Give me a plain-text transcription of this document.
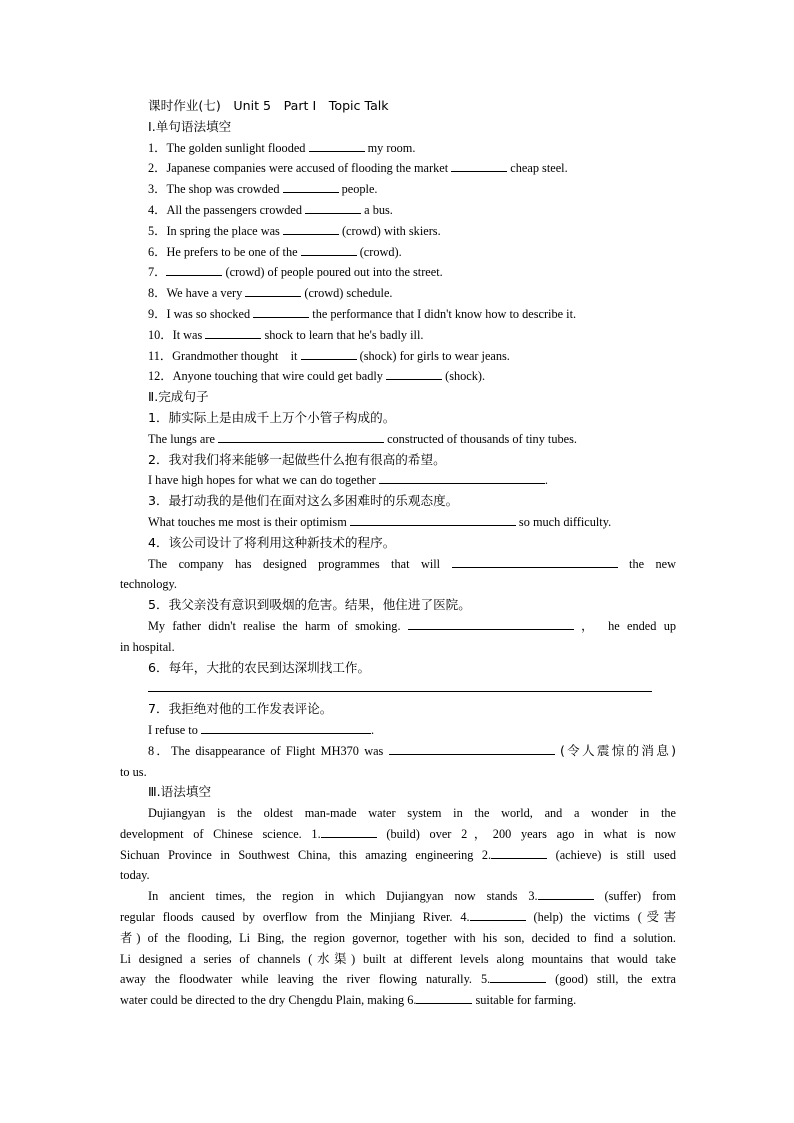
课时作业(七)　Unit 5　Part Ⅰ　Topic Talk
Ⅰ.单句语法填空
1．The golden sunlight flooded	my room.
2．Japanese companies were accused of flooding the market	cheap steel.
3．The shop was crowded	people.
4．All the passengers crowded	a bus.
5．In spring the place was	(crowd) with skiers.
6．He prefers to be one of the	(crowd).
7．	(crowd) of people poured out into the street.
8．We have a very	(crowd) schedule.
9．I was so shocked	the performance that I didn't know how to describe it.
10．It was	shock to learn that he's badly ill.
11．Grandmother thought　it	(shock) for girls to wear jeans.
12．Anyone touching that wire could get badly	(shock).
Ⅱ.完成句子
1．肺实际上是由成千上万个小管子构成的。
The lungs are	constructed of thousands of tiny tubes.
2．我对我们将来能够一起做些什么抱有很高的希望。
I have high hopes for what we can do together	.
3．最打动我的是他们在面对这么多困难时的乐观态度。
What touches me most is their optimism	so much difficulty.
4．该公司设计了将利用这种新技术的程序。
The company has designed programmes that will	the new
technology.
5．我父亲没有意识到吸烟的危害。结果，他住进了医院。
My father didn't realise the harm of smoking.	，　he ended up
in hospital.
6．每年，大批的农民到达深圳找工作。
7．我拒绝对他的工作发表评论。
I refuse to	.
8．The disappearance of Flight MH370 was	(令人震惊的消息)
to us.
Ⅲ.语法填空
Dujiangyan is the oldest man-made water system in the world, and a wonder in the
development of Chinese science. 1.	(build) over 2，200 years ago in what is now
Sichuan Province in Southwest China, this amazing engineering 2.	(achieve) is still used
today.
In ancient times, the region in which Dujiangyan now stands 3.	(suffer) from
regular floods caused by overflow from the Minjiang River. 4.	(help) the victims (受害
者) of the flooding, Li Bing, the region governor, together with his son, decided to find a solution.
Li designed a series of channels (水渠) built at different levels along mountains that would take
away the floodwater while leaving the river flowing naturally. 5.	(good) still, the extra
water could be directed to the dry Chengdu Plain, making 6.	suitable for farming.
